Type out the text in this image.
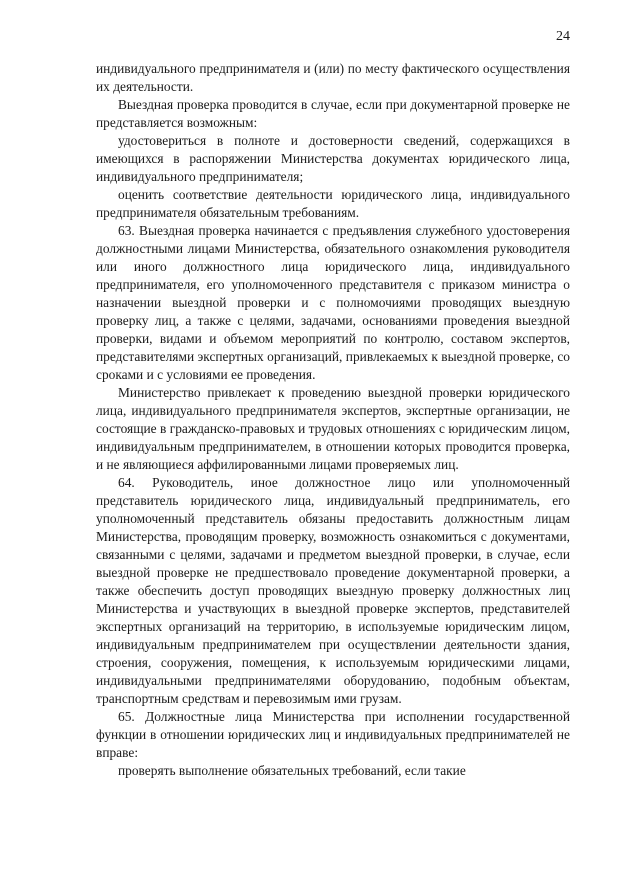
24

индивидуального предпринимателя и (или) по месту фактического осуществления их деятельности.

Выездная проверка проводится в случае, если при документарной проверке не представляется возможным:

удостовериться в полноте и достоверности сведений, содержащихся в имеющихся в распоряжении Министерства документах юридического лица, индивидуального предпринимателя;

оценить соответствие деятельности юридического лица, индивидуального предпринимателя обязательным требованиям.

63. Выездная проверка начинается с предъявления служебного удостоверения должностными лицами Министерства, обязательного ознакомления руководителя или иного должностного лица юридического лица, индивидуального предпринимателя, его уполномоченного представителя с приказом министра о назначении выездной проверки и с полномочиями проводящих выездную проверку лиц, а также с целями, задачами, основаниями проведения выездной проверки, видами и объемом мероприятий по контролю, составом экспертов, представителями экспертных организаций, привлекаемых к выездной проверке, со сроками и с условиями ее проведения.

Министерство привлекает к проведению выездной проверки юридического лица, индивидуального предпринимателя экспертов, экспертные организации, не состоящие в гражданско-правовых и трудовых отношениях с юридическим лицом, индивидуальным предпринимателем, в отношении которых проводится проверка, и не являющиеся аффилированными лицами проверяемых лиц.

64. Руководитель, иное должностное лицо или уполномоченный представитель юридического лица, индивидуальный предприниматель, его уполномоченный представитель обязаны предоставить должностным лицам Министерства, проводящим проверку, возможность ознакомиться с документами, связанными с целями, задачами и предметом выездной проверки, в случае, если выездной проверке не предшествовало проведение документарной проверки, а также обеспечить доступ проводящих выездную проверку должностных лиц Министерства и участвующих в выездной проверке экспертов, представителей экспертных организаций на территорию, в используемые юридическим лицом, индивидуальным предпринимателем при осуществлении деятельности здания, строения, сооружения, помещения, к используемым юридическими лицами, индивидуальными предпринимателями оборудованию, подобным объектам, транспортным средствам и перевозимым ими грузам.

65. Должностные лица Министерства при исполнении государственной функции в отношении юридических лиц и индивидуальных предпринимателей не вправе:

проверять выполнение обязательных требований, если такие
